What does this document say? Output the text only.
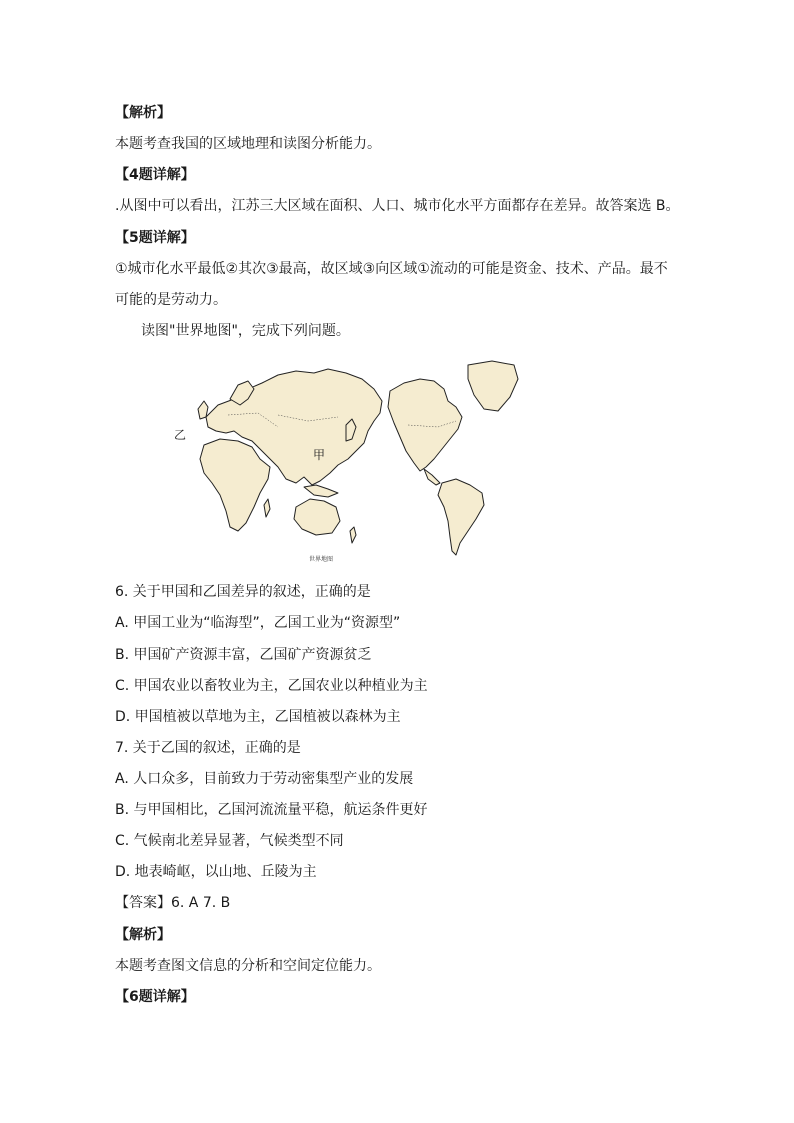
【解析】
本题考查我国的区域地理和读图分析能力。
【4题详解】
.从图中可以看出，江苏三大区域在面积、人口、城市化水平方面都存在差异。故答案选 B。
【5题详解】
①城市化水平最低②其次③最高，故区域③向区域①流动的可能是资金、技术、产品。最不
可能的是劳动力。
读图"世界地图"，完成下列问题。
甲
乙
世界地图
6. 关于甲国和乙国差异的叙述，正确的是
A. 甲国工业为“临海型”，乙国工业为“资源型”
B. 甲国矿产资源丰富，乙国矿产资源贫乏
C. 甲国农业以畜牧业为主，乙国农业以种植业为主
D. 甲国植被以草地为主，乙国植被以森林为主
7. 关于乙国的叙述，正确的是
A. 人口众多，目前致力于劳动密集型产业的发展
B. 与甲国相比，乙国河流流量平稳，航运条件更好
C. 气候南北差异显著，气候类型不同
D. 地表崎岖，以山地、丘陵为主
【答案】6. A 7. B
【解析】
本题考查图文信息的分析和空间定位能力。
【6题详解】
